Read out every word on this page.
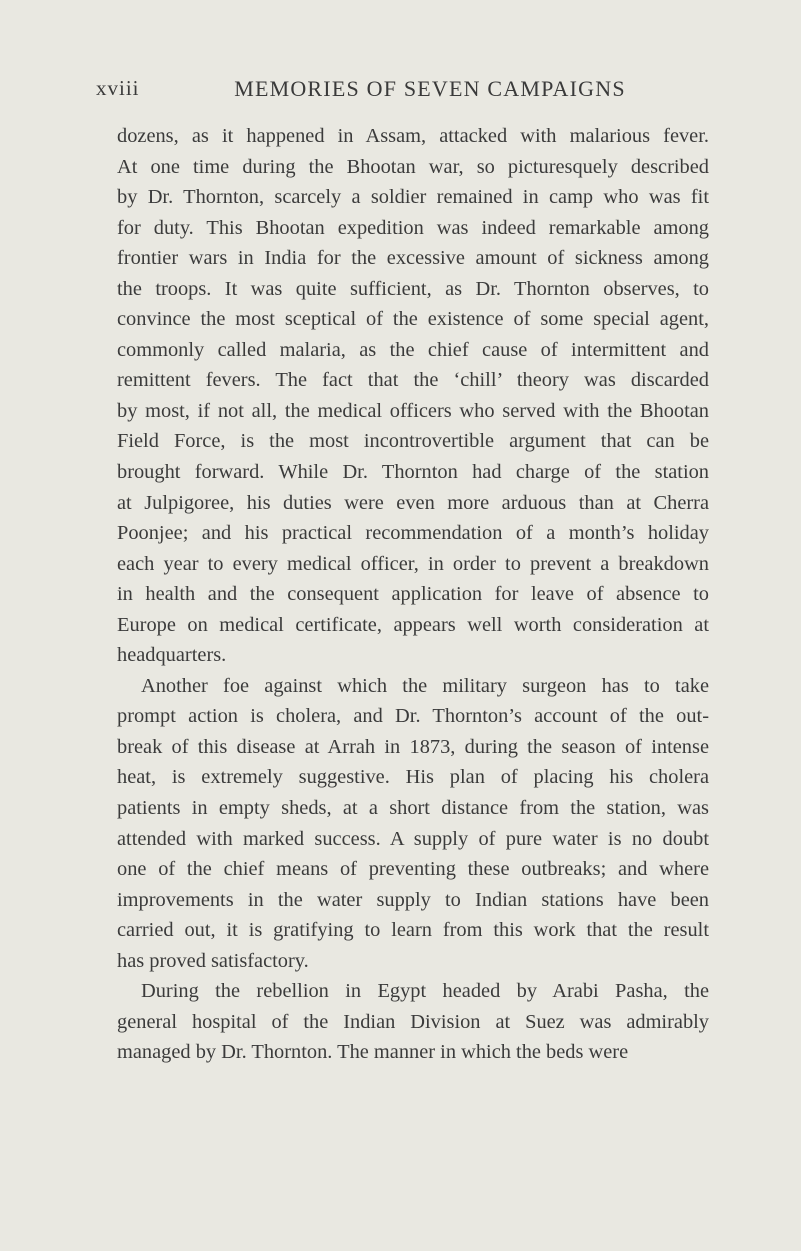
xviii	MEMORIES OF SEVEN CAMPAIGNS
dozens, as it happened in Assam, attacked with malarious fever.
At one time during the Bhootan war, so picturesquely described
by Dr. Thornton, scarcely a soldier remained in camp who was fit
for duty. This Bhootan expedition was indeed remarkable among
frontier wars in India for the excessive amount of sickness among
the troops. It was quite sufficient, as Dr. Thornton observes, to
convince the most sceptical of the existence of some special agent,
commonly called malaria, as the chief cause of intermittent and
remittent fevers. The fact that the ‘chill’ theory was discarded
by most, if not all, the medical officers who served with the Bhootan
Field Force, is the most incontrovertible argument that can be
brought forward. While Dr. Thornton had charge of the station
at Julpigoree, his duties were even more arduous than at Cherra
Poonjee; and his practical recommendation of a month’s holiday
each year to every medical officer, in order to prevent a breakdown
in health and the consequent application for leave of absence to
Europe on medical certificate, appears well worth consideration at
headquarters.
Another foe against which the military surgeon has to take
prompt action is cholera, and Dr. Thornton’s account of the out-
break of this disease at Arrah in 1873, during the season of intense
heat, is extremely suggestive. His plan of placing his cholera
patients in empty sheds, at a short distance from the station, was
attended with marked success. A supply of pure water is no doubt
one of the chief means of preventing these outbreaks; and where
improvements in the water supply to Indian stations have been
carried out, it is gratifying to learn from this work that the result
has proved satisfactory.
During the rebellion in Egypt headed by Arabi Pasha, the
general hospital of the Indian Division at Suez was admirably
managed by Dr. Thornton. The manner in which the beds were
